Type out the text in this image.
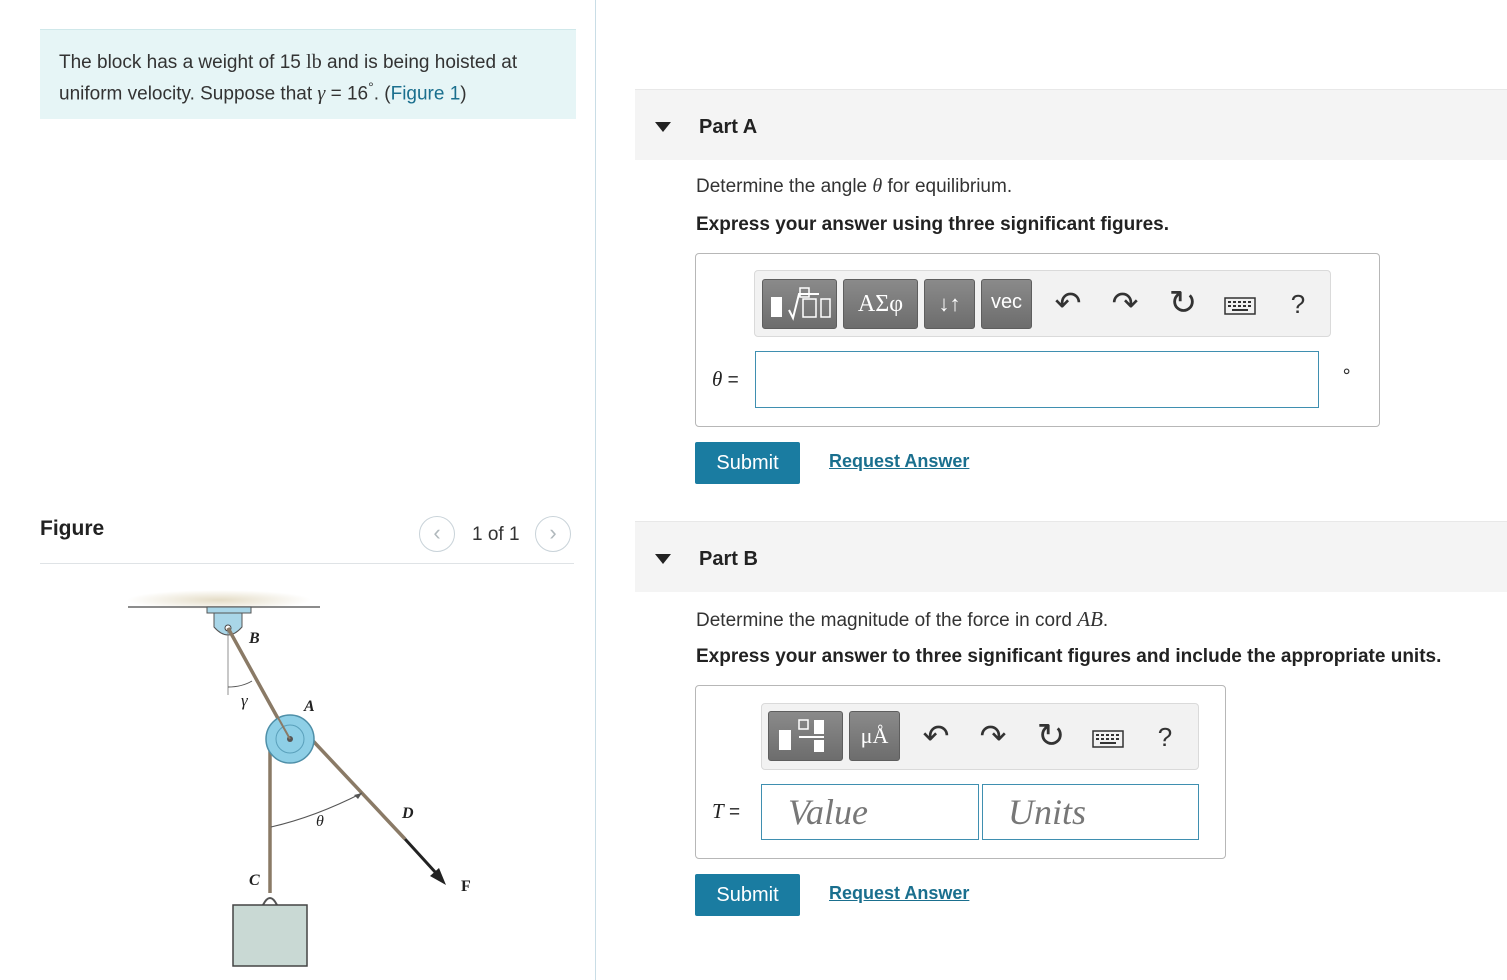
The block has a weight of 15 lb and is being hoisted at uniform velocity. Suppose that γ = 16°. (Figure 1)
Figure	‹	1 of 1	›
B
γ	A
θ	D
C	F
Part A
Determine the angle θ for equilibrium.
Express your answer using three significant figures.
ΑΣφ	↓↑	vec	↶ ↷ ↻	?
θ =	∘
Submit	Request Answer
Part B
Determine the magnitude of the force in cord AB.
Express your answer to three significant figures and include the appropriate units.
μÅ	↶ ↷ ↻	?
T = Value	Units
Submit	Request Answer
